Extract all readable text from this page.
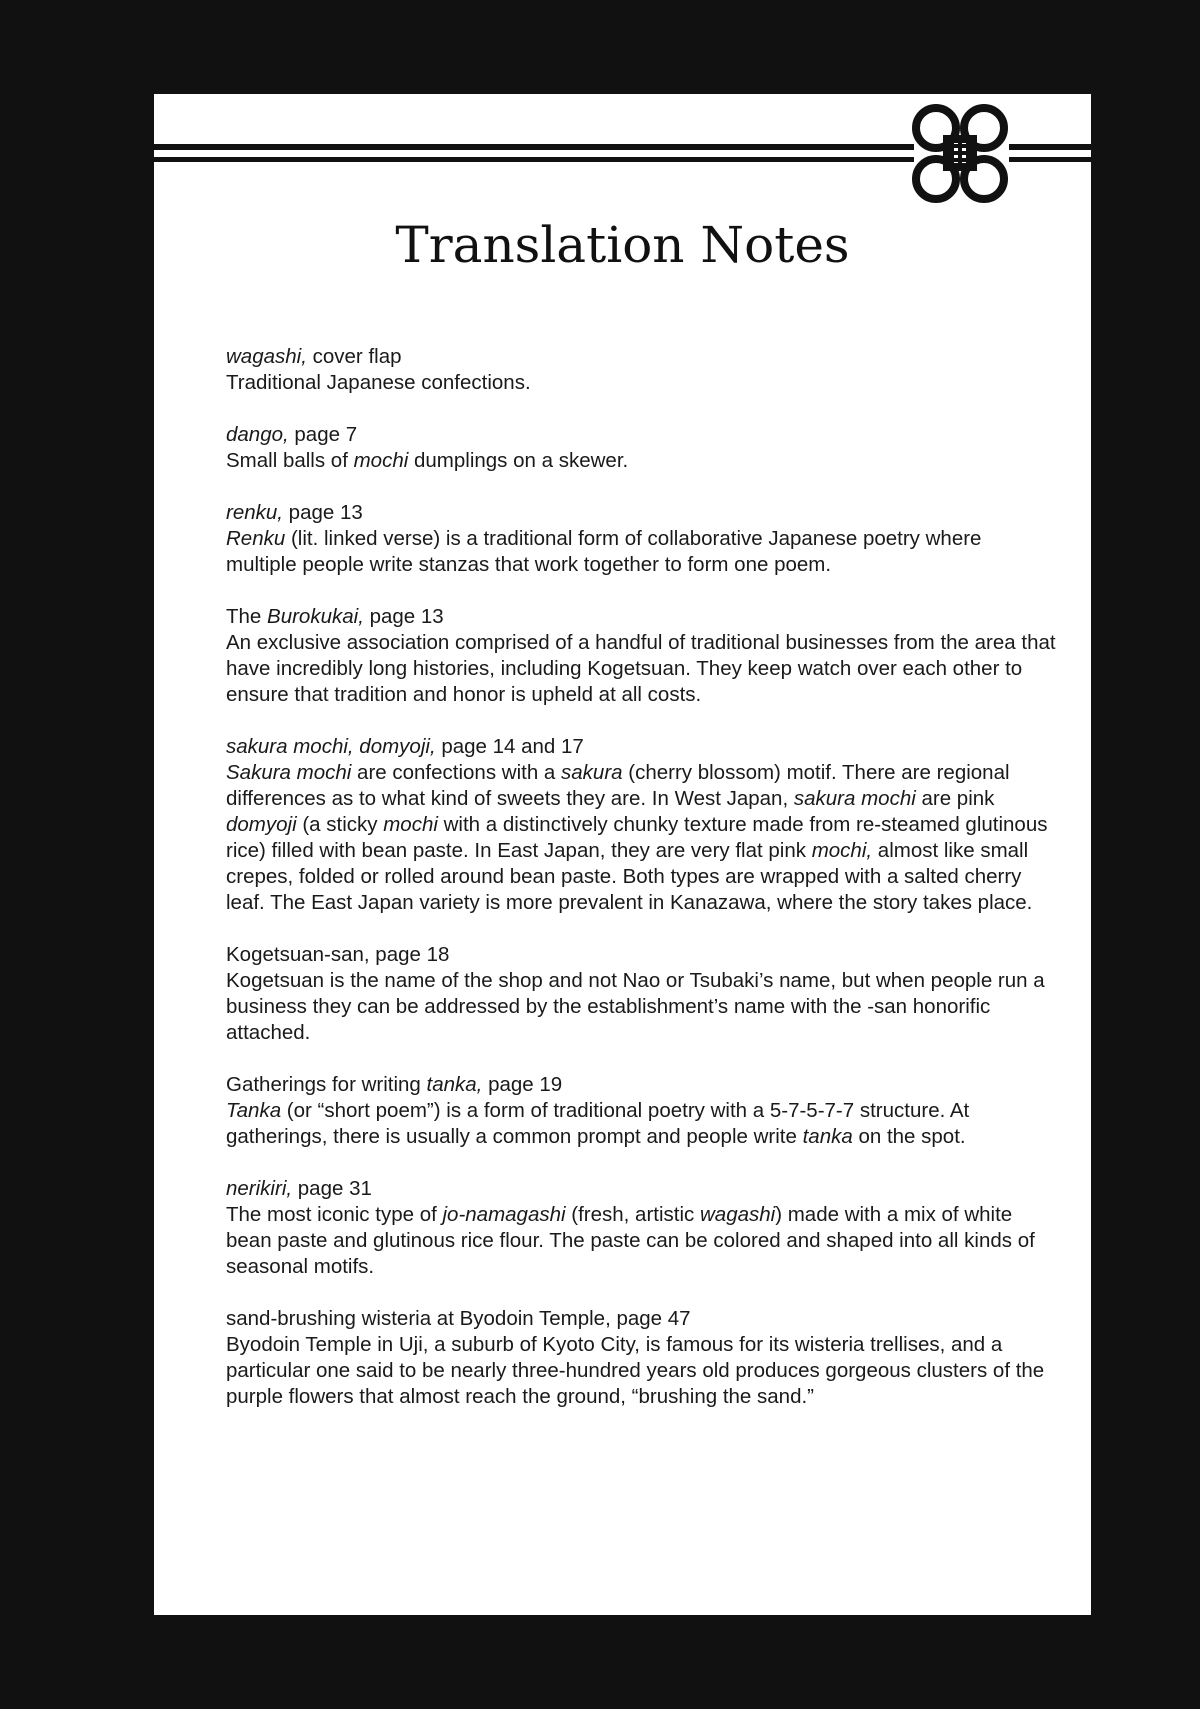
Translation Notes
wagashi, cover flap
Traditional Japanese confections.
dango, page 7
Small balls of mochi dumplings on a skewer.
renku, page 13
Renku (lit. linked verse) is a traditional form of collaborative Japanese poetry where multiple people write stanzas that work together to form one poem.
The Burokukai, page 13
An exclusive association comprised of a handful of traditional businesses from the area that have incredibly long histories, including Kogetsuan. They keep watch over each other to ensure that tradition and honor is upheld at all costs.
sakura mochi, domyoji, page 14 and 17
Sakura mochi are confections with a sakura (cherry blossom) motif. There are regional differences as to what kind of sweets they are. In West Japan, sakura mochi are pink domyoji (a sticky mochi with a distinctively chunky texture made from re-steamed glutinous rice) filled with bean paste. In East Japan, they are very flat pink mochi, almost like small crepes, folded or rolled around bean paste. Both types are wrapped with a salted cherry leaf. The East Japan variety is more prevalent in Kanazawa, where the story takes place.
Kogetsuan-san, page 18
Kogetsuan is the name of the shop and not Nao or Tsubaki’s name, but when people run a business they can be addressed by the establishment’s name with the -san honorific attached.
Gatherings for writing tanka, page 19
Tanka (or “short poem”) is a form of traditional poetry with a 5-7-5-7-7 structure. At gatherings, there is usually a common prompt and people write tanka on the spot.
nerikiri, page 31
The most iconic type of jo-namagashi (fresh, artistic wagashi) made with a mix of white bean paste and glutinous rice flour. The paste can be colored and shaped into all kinds of seasonal motifs.
sand-brushing wisteria at Byodoin Temple, page 47
Byodoin Temple in Uji, a suburb of Kyoto City, is famous for its wisteria trellises, and a particular one said to be nearly three-hundred years old produces gorgeous clusters of the purple flowers that almost reach the ground, “brushing the sand.”
